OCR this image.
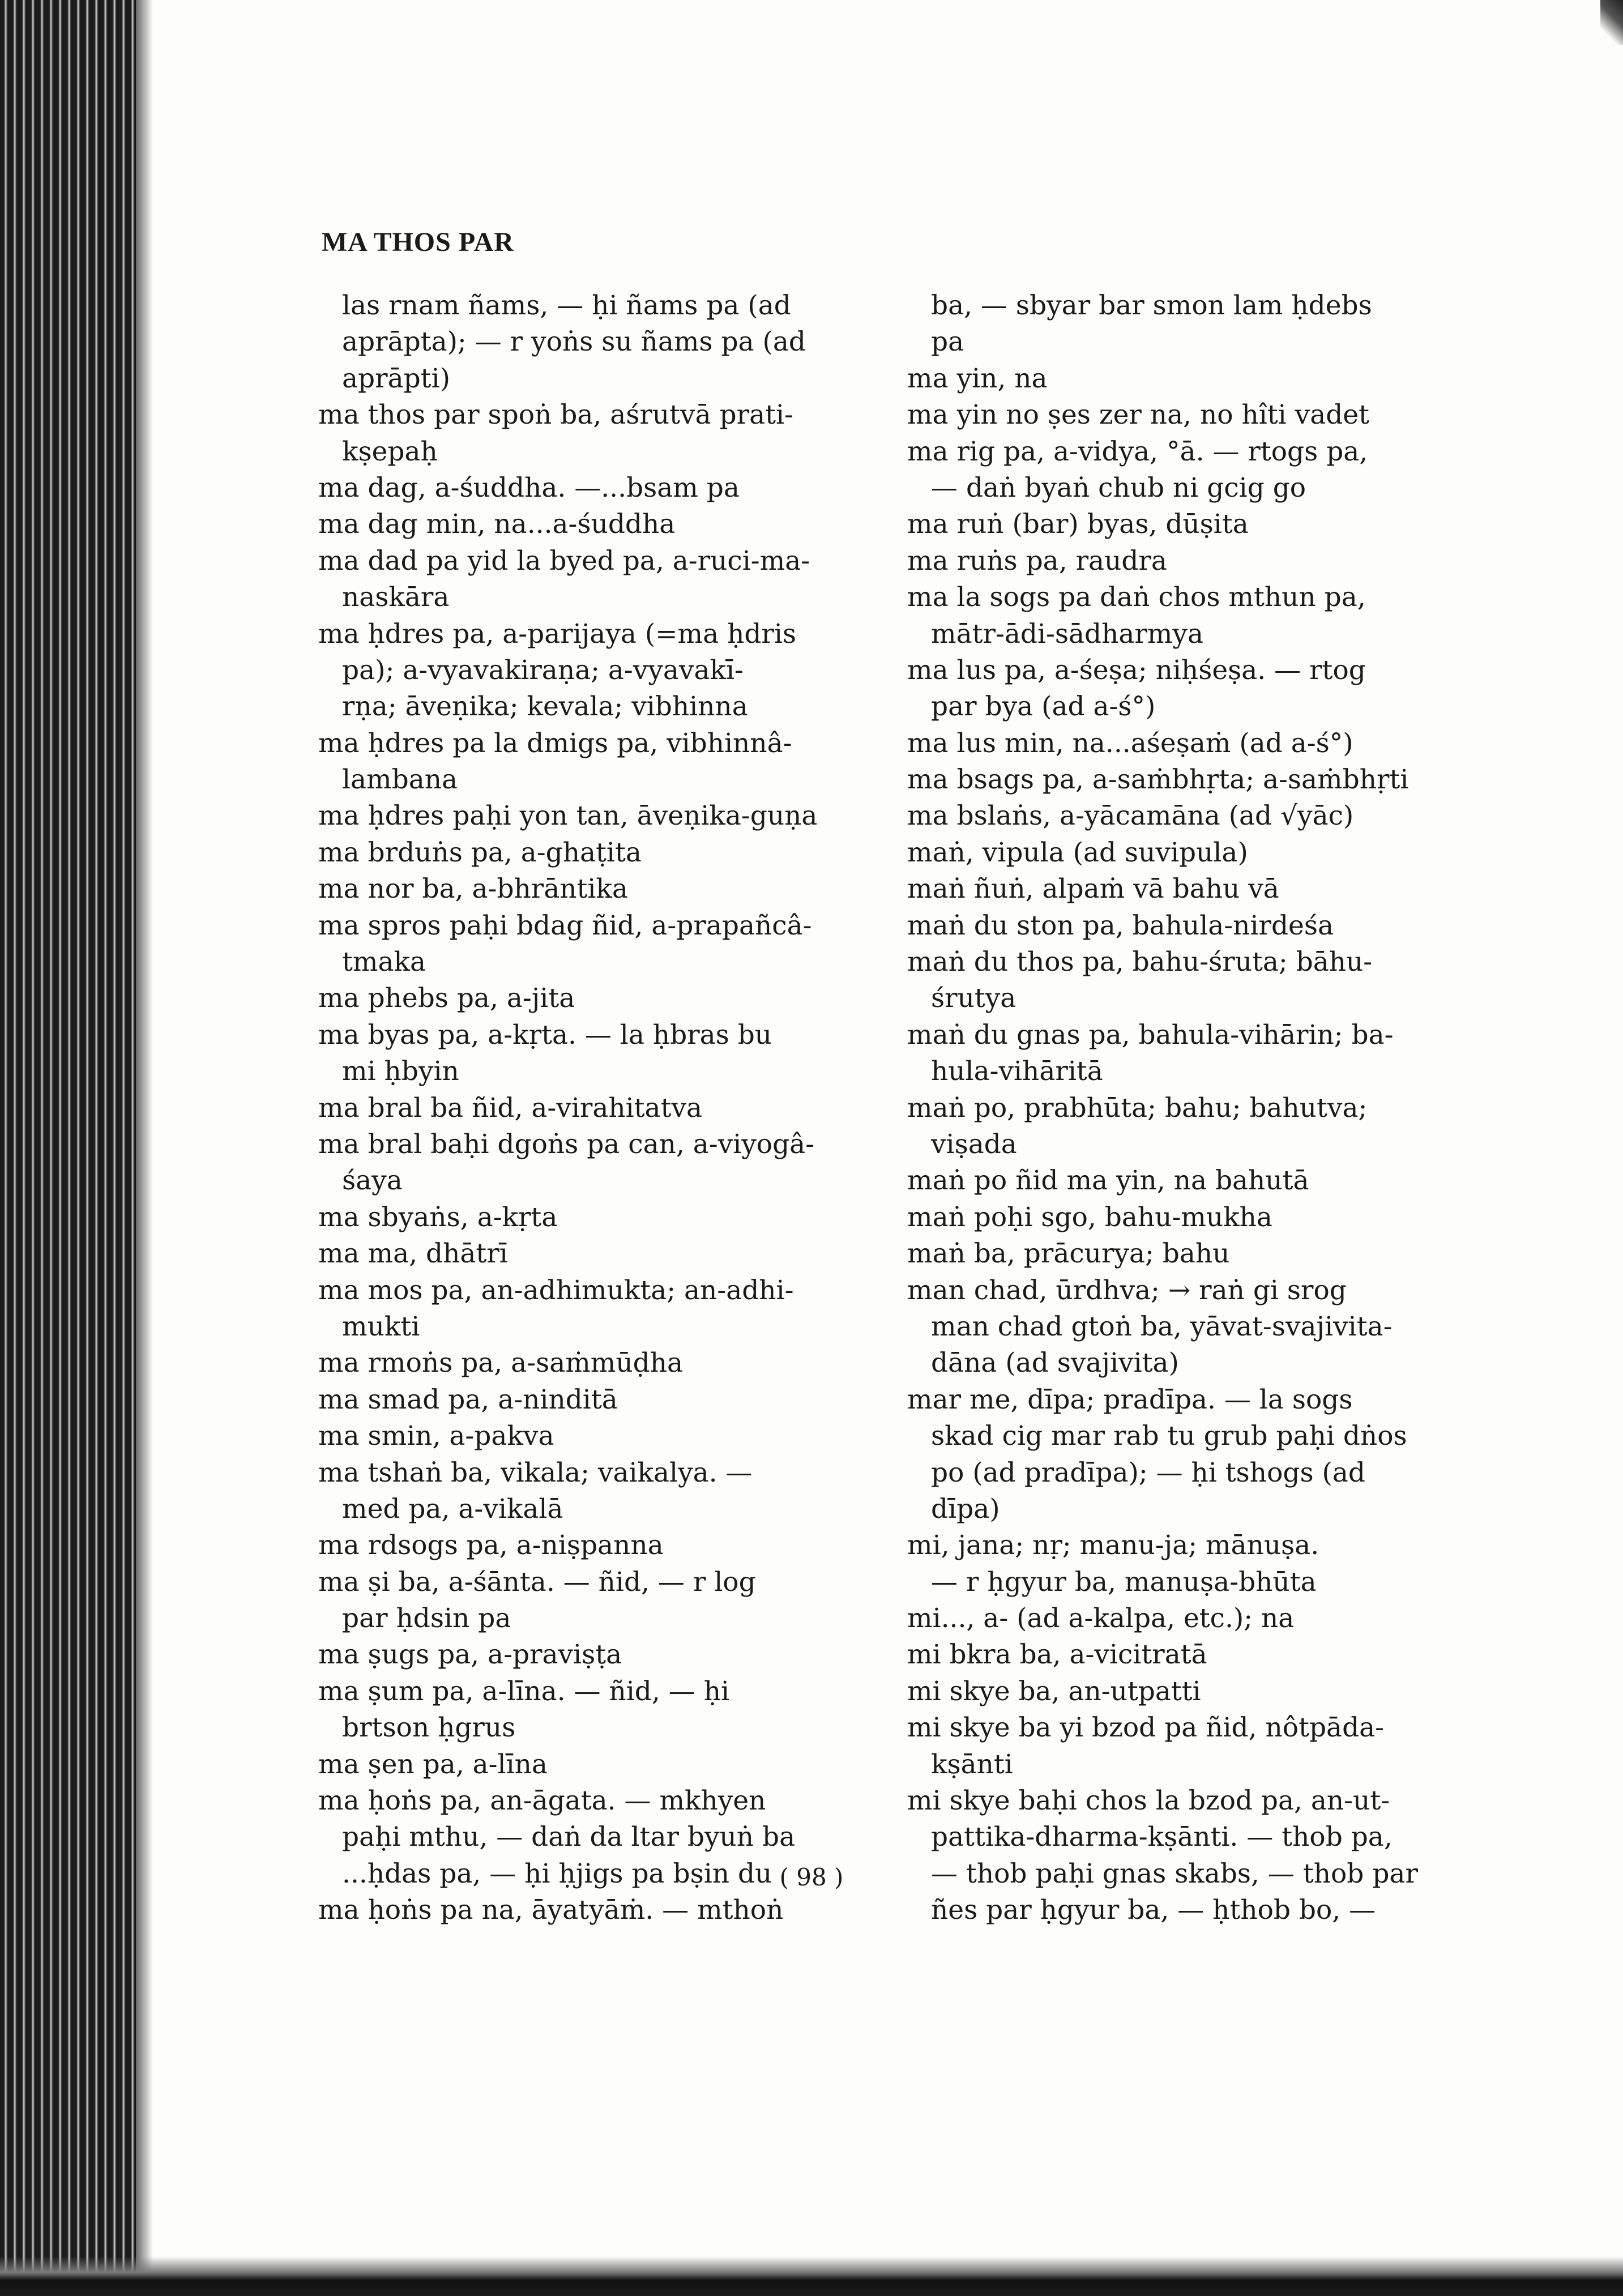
MA THOS PAR
las rnam ñams, — ḥi ñams pa (ad
aprāpta); — r yoṅs su ñams pa (ad
aprāpti)
ma thos par spoṅ ba, aśrutvā prati-
kṣepaḥ
ma dag, a-śuddha. —...bsam pa
ma dag min, na...a-śuddha
ma dad pa yid la byed pa, a-ruci-ma-
naskāra
ma ḥdres pa, a-parijaya (=ma ḥdris
pa); a-vyavakiraṇa; a-vyavakī-
rṇa; āveṇika; kevala; vibhinna
ma ḥdres pa la dmigs pa, vibhinnâ-
lambana
ma ḥdres paḥi yon tan, āveṇika-guṇa
ma brduṅs pa, a-ghaṭita
ma nor ba, a-bhrāntika
ma spros paḥi bdag ñid, a-prapañcâ-
tmaka
ma phebs pa, a-jita
ma byas pa, a-kṛta. — la ḥbras bu
mi ḥbyin
ma bral ba ñid, a-virahitatva
ma bral baḥi dgoṅs pa can, a-viyogâ-
śaya
ma sbyaṅs, a-kṛta
ma ma, dhātrī
ma mos pa, an-adhimukta; an-adhi-
mukti
ma rmoṅs pa, a-saṁmūḍha
ma smad pa, a-ninditā
ma smin, a-pakva
ma tshaṅ ba, vikala; vaikalya. —
med pa, a-vikalā
ma rdsogs pa, a-niṣpanna
ma ṣi ba, a-śānta. — ñid, — r log
par ḥdsin pa
ma ṣugs pa, a-praviṣṭa
ma ṣum pa, a-līna. — ñid, — ḥi
brtson ḥgrus
ma ṣen pa, a-līna
ma ḥoṅs pa, an-āgata. — mkhyen
paḥi mthu, — daṅ da ltar byuṅ ba
...ḥdas pa, — ḥi ḥjigs pa bṣin du
ma ḥoṅs pa na, āyatyāṁ. — mthoṅ
ba, — sbyar bar smon lam ḥdebs
pa
ma yin, na
ma yin no ṣes zer na, no hîti vadet
ma rig pa, a-vidya, °ā. — rtogs pa,
— daṅ byaṅ chub ni gcig go
ma ruṅ (bar) byas, dūṣita
ma ruṅs pa, raudra
ma la sogs pa daṅ chos mthun pa,
mātr-ādi-sādharmya
ma lus pa, a-śeṣa; niḥśeṣa. — rtog
par bya (ad a-ś°)
ma lus min, na...aśeṣaṁ (ad a-ś°)
ma bsags pa, a-saṁbhṛta; a-saṁbhṛti
ma bslaṅs, a-yācamāna (ad √yāc)
maṅ, vipula (ad suvipula)
maṅ ñuṅ, alpaṁ vā bahu vā
maṅ du ston pa, bahula-nirdeśa
maṅ du thos pa, bahu-śruta; bāhu-
śrutya
maṅ du gnas pa, bahula-vihārin; ba-
hula-vihāritā
maṅ po, prabhūta; bahu; bahutva;
viṣada
maṅ po ñid ma yin, na bahutā
maṅ poḥi sgo, bahu-mukha
maṅ ba, prācurya; bahu
man chad, ūrdhva; → raṅ gi srog
man chad gtoṅ ba, yāvat-svajivita-
dāna (ad svajivita)
mar me, dīpa; pradīpa. — la sogs
skad cig mar rab tu grub paḥi dṅos
po (ad pradīpa); — ḥi tshogs (ad
dīpa)
mi, jana; nṛ; manu-ja; mānuṣa.
— r ḥgyur ba, manuṣa-bhūta
mi..., a- (ad a-kalpa, etc.); na
mi bkra ba, a-vicitratā
mi skye ba, an-utpatti
mi skye ba yi bzod pa ñid, nôtpāda-
kṣānti
mi skye baḥi chos la bzod pa, an-ut-
pattika-dharma-kṣānti. — thob pa,
— thob paḥi gnas skabs, — thob par
ñes par ḥgyur ba, — ḥthob bo, —
( 98 )
